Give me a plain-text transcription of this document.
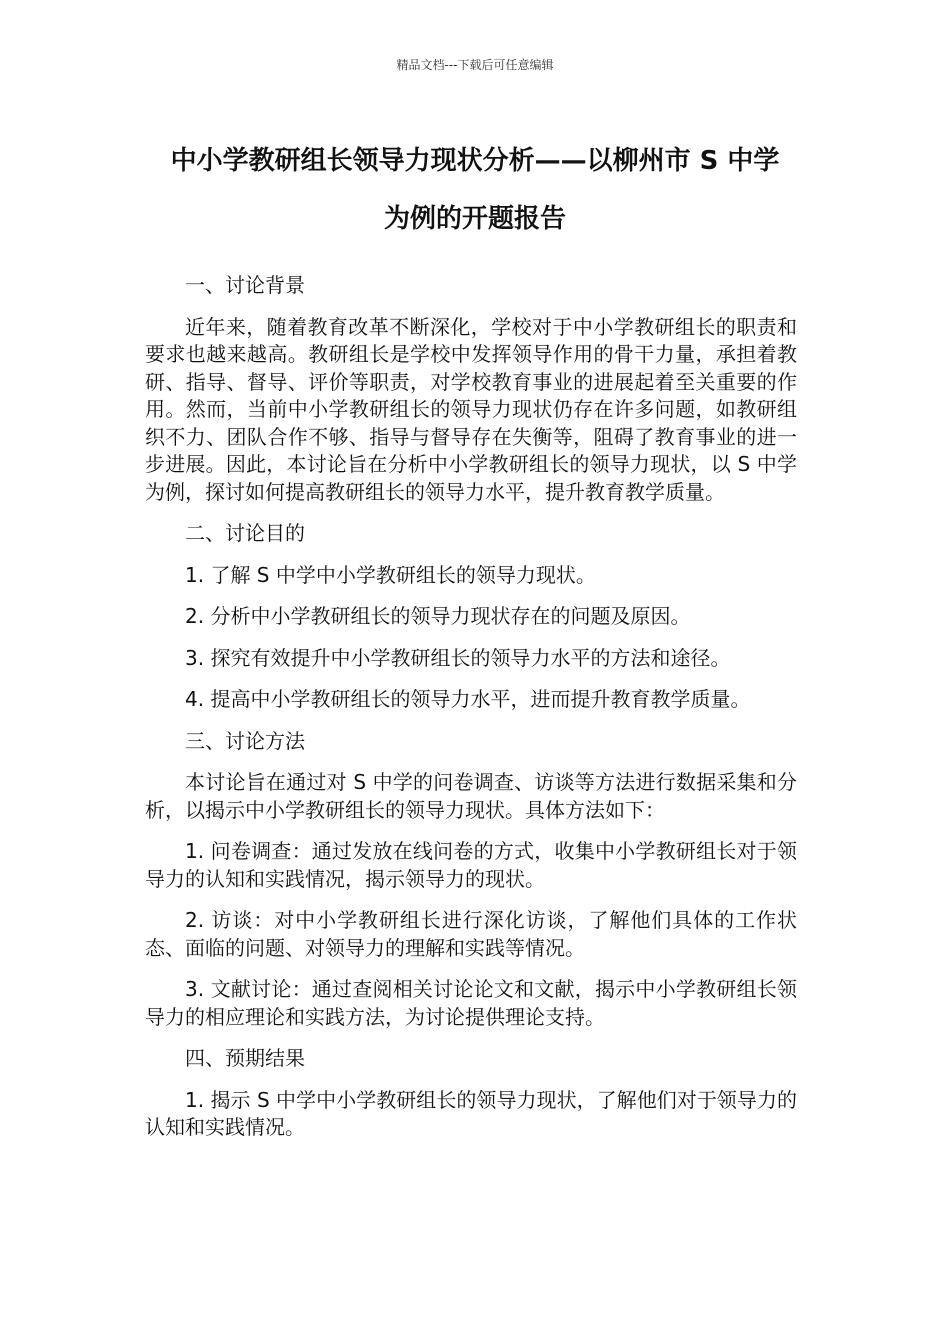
精品文档---下载后可任意编辑
中小学教研组长领导力现状分析——以柳州市 S 中学
为例的开题报告

一、讨论背景

近年来，随着教育改革不断深化，学校对于中小学教研组长的职责和要求也越来越高。教研组长是学校中发挥领导作用的骨干力量，承担着教研、指导、督导、评价等职责，对学校教育事业的进展起着至关重要的作用。然而，当前中小学教研组长的领导力现状仍存在许多问题，如教研组织不力、团队合作不够、指导与督导存在失衡等，阻碍了教育事业的进一步进展。因此，本讨论旨在分析中小学教研组长的领导力现状，以 S 中学为例，探讨如何提高教研组长的领导力水平，提升教育教学质量。

二、讨论目的

1. 了解 S 中学中小学教研组长的领导力现状。

2. 分析中小学教研组长的领导力现状存在的问题及原因。

3. 探究有效提升中小学教研组长的领导力水平的方法和途径。

4. 提高中小学教研组长的领导力水平，进而提升教育教学质量。

三、讨论方法

本讨论旨在通过对 S 中学的问卷调查、访谈等方法进行数据采集和分析，以揭示中小学教研组长的领导力现状。具体方法如下：

1. 问卷调查：通过发放在线问卷的方式，收集中小学教研组长对于领导力的认知和实践情况，揭示领导力的现状。

2. 访谈：对中小学教研组长进行深化访谈，了解他们具体的工作状态、面临的问题、对领导力的理解和实践等情况。

3. 文献讨论：通过查阅相关讨论论文和文献，揭示中小学教研组长领导力的相应理论和实践方法，为讨论提供理论支持。

四、预期结果

1. 揭示 S 中学中小学教研组长的领导力现状，了解他们对于领导力的认知和实践情况。
